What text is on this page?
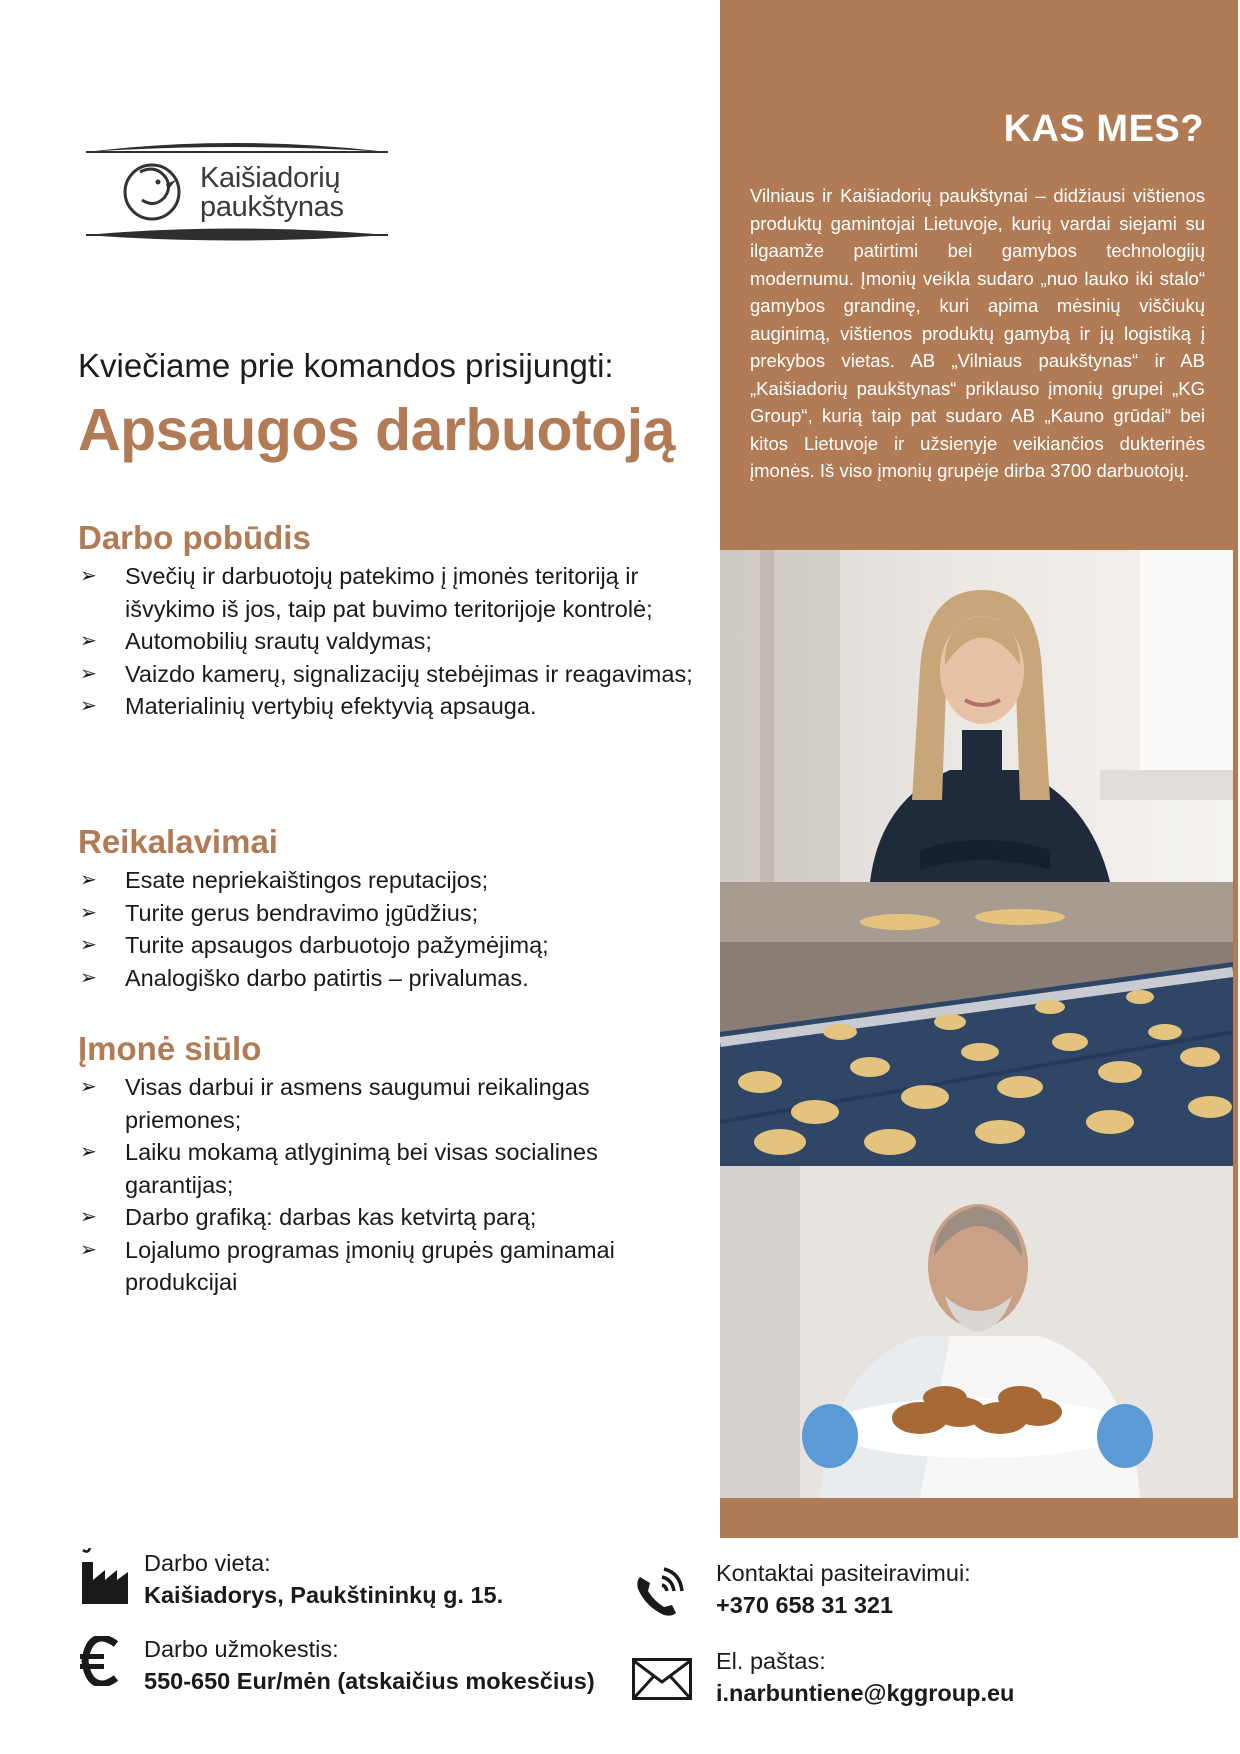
Kaišiadorių
paukštynas
Kviečiame prie komandos prisijungti:
Apsaugos darbuotoją
Darbo pobūdis
➢ Svečių ir darbuotojų patekimo į įmonės teritoriją ir išvykimo iš jos, taip pat buvimo teritorijoje kontrolė;
➢ Automobilių srautų valdymas;
➢ Vaizdo kamerų, signalizacijų stebėjimas ir reagavimas;
➢ Materialinių vertybių efektyvią apsauga.
Reikalavimai
➢ Esate nepriekaištingos reputacijos;
➢ Turite gerus bendravimo įgūdžius;
➢ Turite apsaugos darbuotojo pažymėjimą;
➢ Analogiško darbo patirtis – privalumas.
Įmonė siūlo
➢ Visas darbui ir asmens saugumui reikalingas priemones;
➢ Laiku mokamą atlyginimą bei visas socialines garantijas;
➢ Darbo grafiką: darbas kas ketvirtą parą;
➢ Lojalumo programas įmonių grupės gaminamai produkcijai
KAS MES?
Vilniaus ir Kaišiadorių paukštynai – didžiausi vištienos produktų gamintojai Lietuvoje, kurių vardai siejami su ilgaamže patirtimi bei gamybos technologijų modernumu. Įmonių veikla sudaro „nuo lauko iki stalo“ gamybos grandinę, kuri apima mėsinių viščiukų auginimą, vištienos produktų gamybą ir jų logistiką į prekybos vietas. AB „Vilniaus paukštynas“ ir AB „Kaišiadorių paukštynas“ priklauso įmonių grupei „KG Group“, kurią taip pat sudaro AB „Kauno grūdai“ bei kitos Lietuvoje ir užsienyje veikiančios dukterinės įmonės. Iš viso įmonių grupėje dirba 3700 darbuotojų.
Darbo vieta:
Kaišiadorys, Paukštininkų g. 15.
Darbo užmokestis:
550-650 Eur/mėn (atskaičius mokesčius)
Kontaktai pasiteiravimui:
+370 658 31 321
El. paštas:
i.narbuntiene@kggroup.eu
